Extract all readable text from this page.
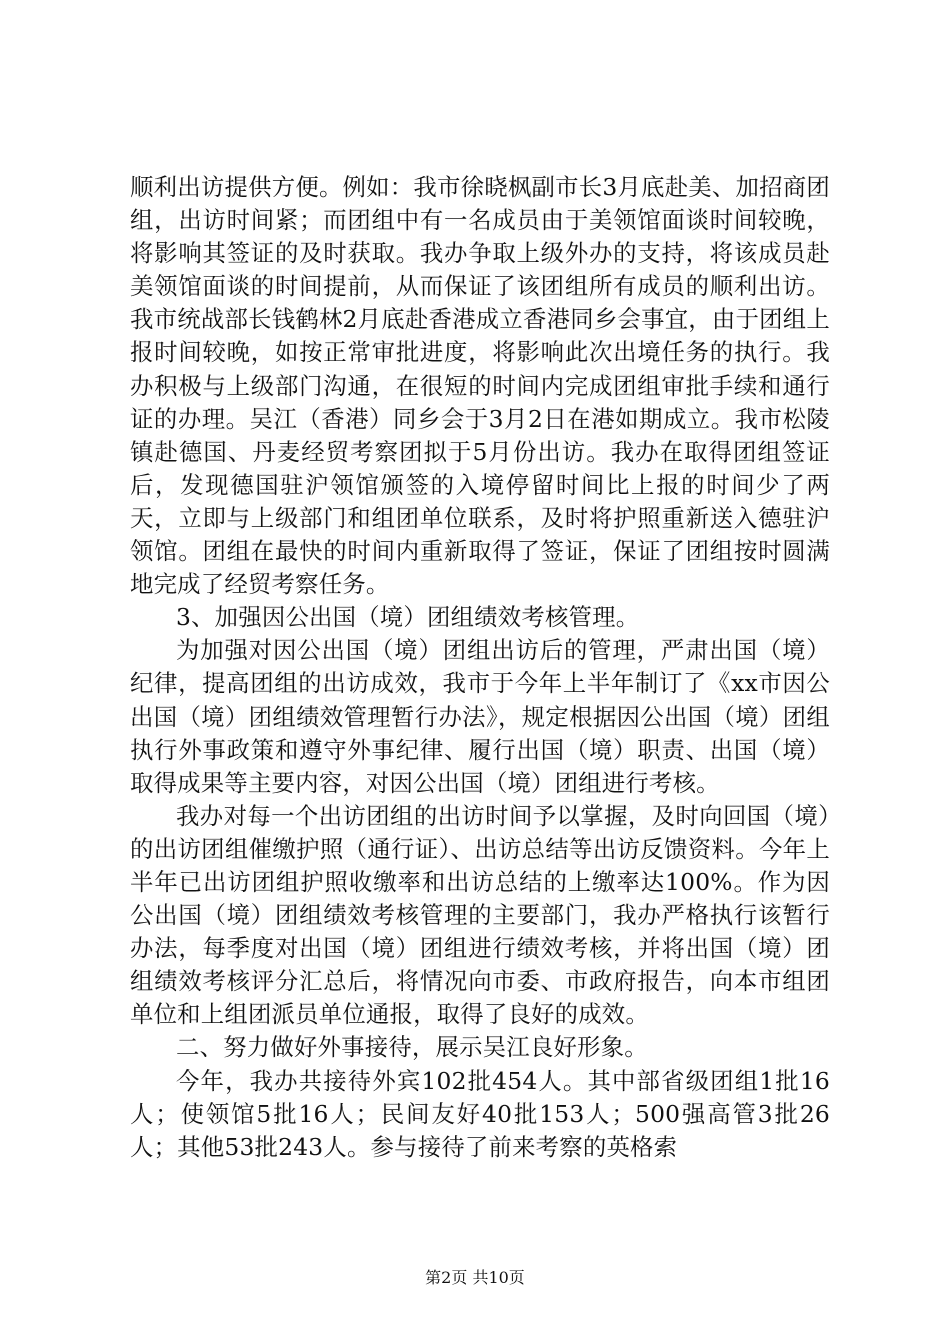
顺利出访提供方便。例如：我市徐晓枫副市长3月底赴美、加招商团组，出访时间紧；而团组中有一名成员由于美领馆面谈时间较晚，将影响其签证的及时获取。我办争取上级外办的支持，将该成员赴美领馆面谈的时间提前，从而保证了该团组所有成员的顺利出访。我市统战部长钱鹤林2月底赴香港成立香港同乡会事宜，由于团组上报时间较晚，如按正常审批进度，将影响此次出境任务的执行。我办积极与上级部门沟通，在很短的时间内完成团组审批手续和通行证的办理。吴江（香港）同乡会于3月2日在港如期成立。我市松陵镇赴德国、丹麦经贸考察团拟于5月份出访。我办在取得团组签证后，发现德国驻沪领馆颁签的入境停留时间比上报的时间少了两天，立即与上级部门和组团单位联系，及时将护照重新送入德驻沪领馆。团组在最快的时间内重新取得了签证，保证了团组按时圆满地完成了经贸考察任务。

3、加强因公出国（境）团组绩效考核管理。

为加强对因公出国（境）团组出访后的管理，严肃出国（境）纪律，提高团组的出访成效，我市于今年上半年制订了《xx市因公出国（境）团组绩效管理暂行办法》，规定根据因公出国（境）团组执行外事政策和遵守外事纪律、履行出国（境）职责、出国（境）取得成果等主要内容，对因公出国（境）团组进行考核。

我办对每一个出访团组的出访时间予以掌握，及时向回国（境）的出访团组催缴护照（通行证）、出访总结等出访反馈资料。今年上半年已出访团组护照收缴率和出访总结的上缴率达100%。作为因公出国（境）团组绩效考核管理的主要部门，我办严格执行该暂行办法，每季度对出国（境）团组进行绩效考核，并将出国（境）团组绩效考核评分汇总后，将情况向市委、市政府报告，向本市组团单位和上组团派员单位通报，取得了良好的成效。

二、努力做好外事接待，展示吴江良好形象。

今年，我办共接待外宾102批454人。其中部省级团组1批16人；使领馆5批16人；民间友好40批153人；500强高管3批26人；其他53批243人。参与接待了前来考察的英格索

第2页 共10页
